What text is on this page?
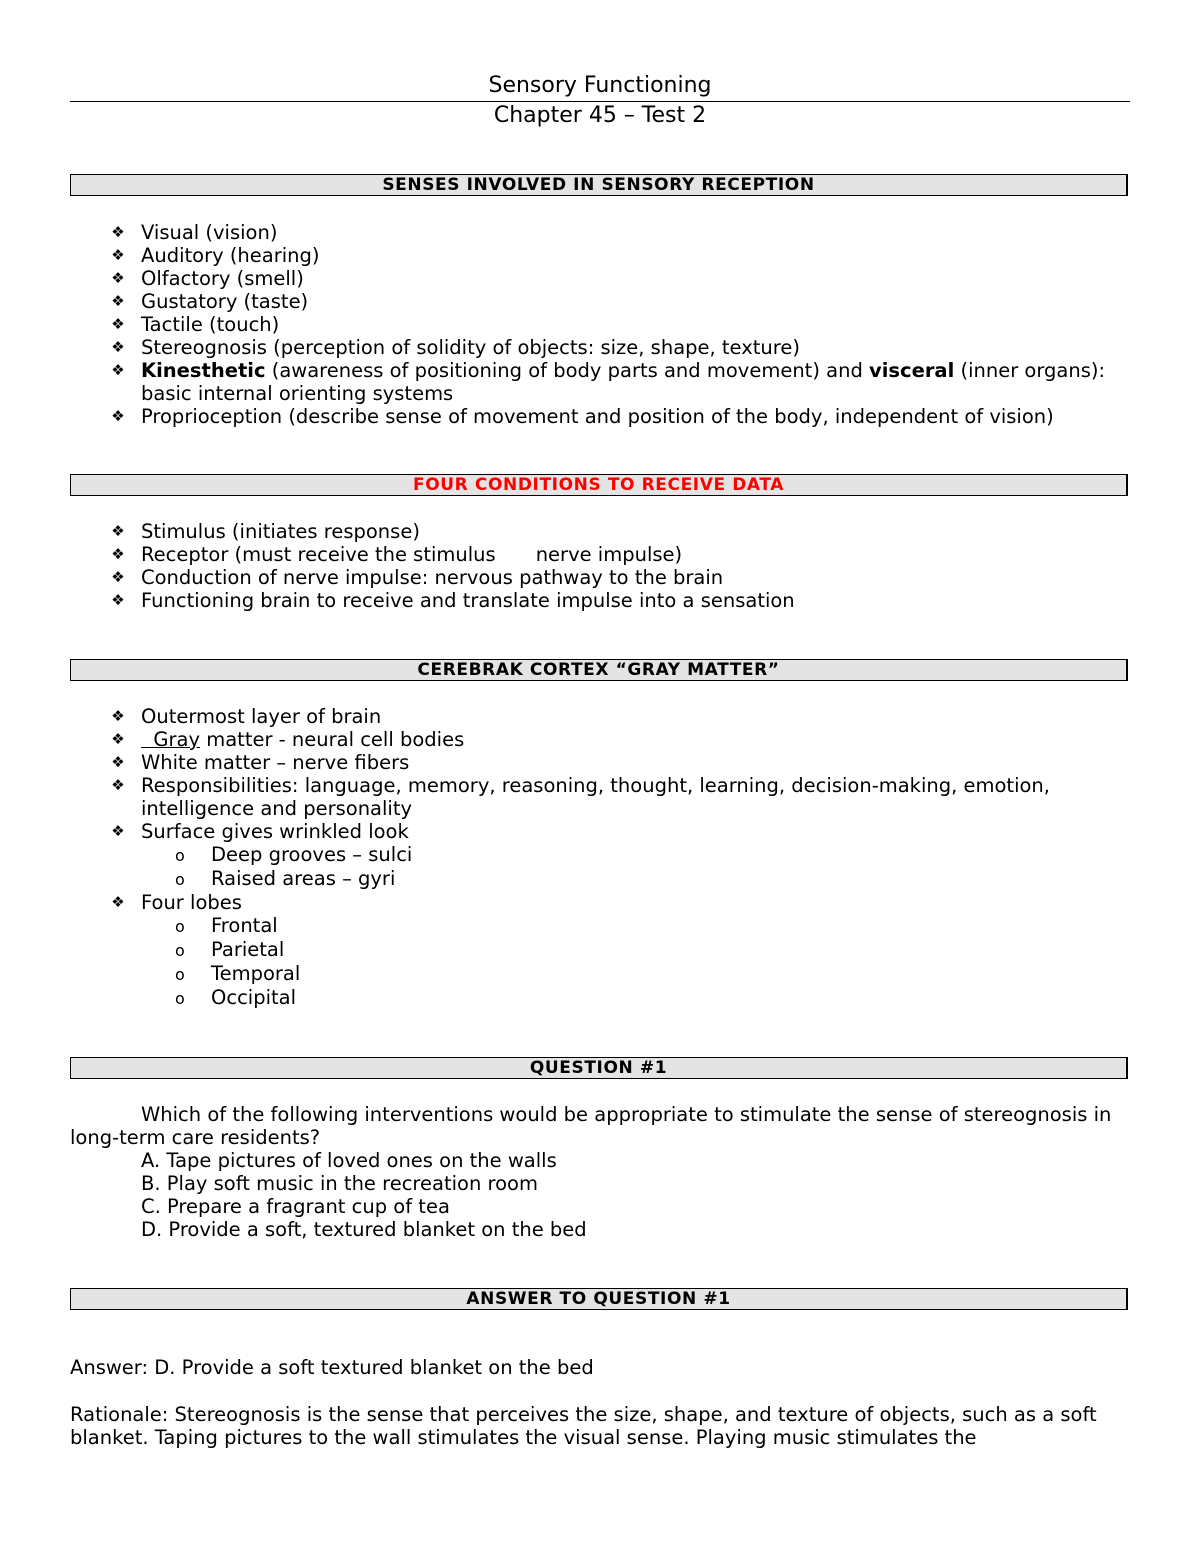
Sensory Functioning
Chapter 45 – Test 2
SENSES INVOLVED IN SENSORY RECEPTION
❖ Visual (vision)
❖ Auditory (hearing)
❖ Olfactory (smell)
❖ Gustatory (taste)
❖ Tactile (touch)
❖ Stereognosis (perception of solidity of objects: size, shape, texture)
❖ Kinesthetic (awareness of positioning of body parts and movement) and visceral (inner organs): basic internal orienting systems
❖ Proprioception (describe sense of movement and position of the body, independent of vision)
FOUR CONDITIONS TO RECEIVE DATA
❖ Stimulus (initiates response)
❖ Receptor (must receive the stimulus nerve impulse)
❖ Conduction of nerve impulse: nervous pathway to the brain
❖ Functioning brain to receive and translate impulse into a sensation
CEREBRAK CORTEX “GRAY MATTER”
❖ Outermost layer of brain
❖ Gray matter - neural cell bodies
❖ White matter – nerve fibers
❖ Responsibilities: language, memory, reasoning, thought, learning, decision-making, emotion, intelligence and personality
❖ Surface gives wrinkled look
o Deep grooves – sulci
o Raised areas – gyri
❖ Four lobes
o Frontal
o Parietal
o Temporal
o Occipital
QUESTION #1
Which of the following interventions would be appropriate to stimulate the sense of stereognosis in long-term care residents?
A. Tape pictures of loved ones on the walls
B. Play soft music in the recreation room
C. Prepare a fragrant cup of tea
D. Provide a soft, textured blanket on the bed
ANSWER TO QUESTION #1
Answer: D. Provide a soft textured blanket on the bed
Rationale: Stereognosis is the sense that perceives the size, shape, and texture of objects, such as a soft blanket. Taping pictures to the wall stimulates the visual sense. Playing music stimulates the
